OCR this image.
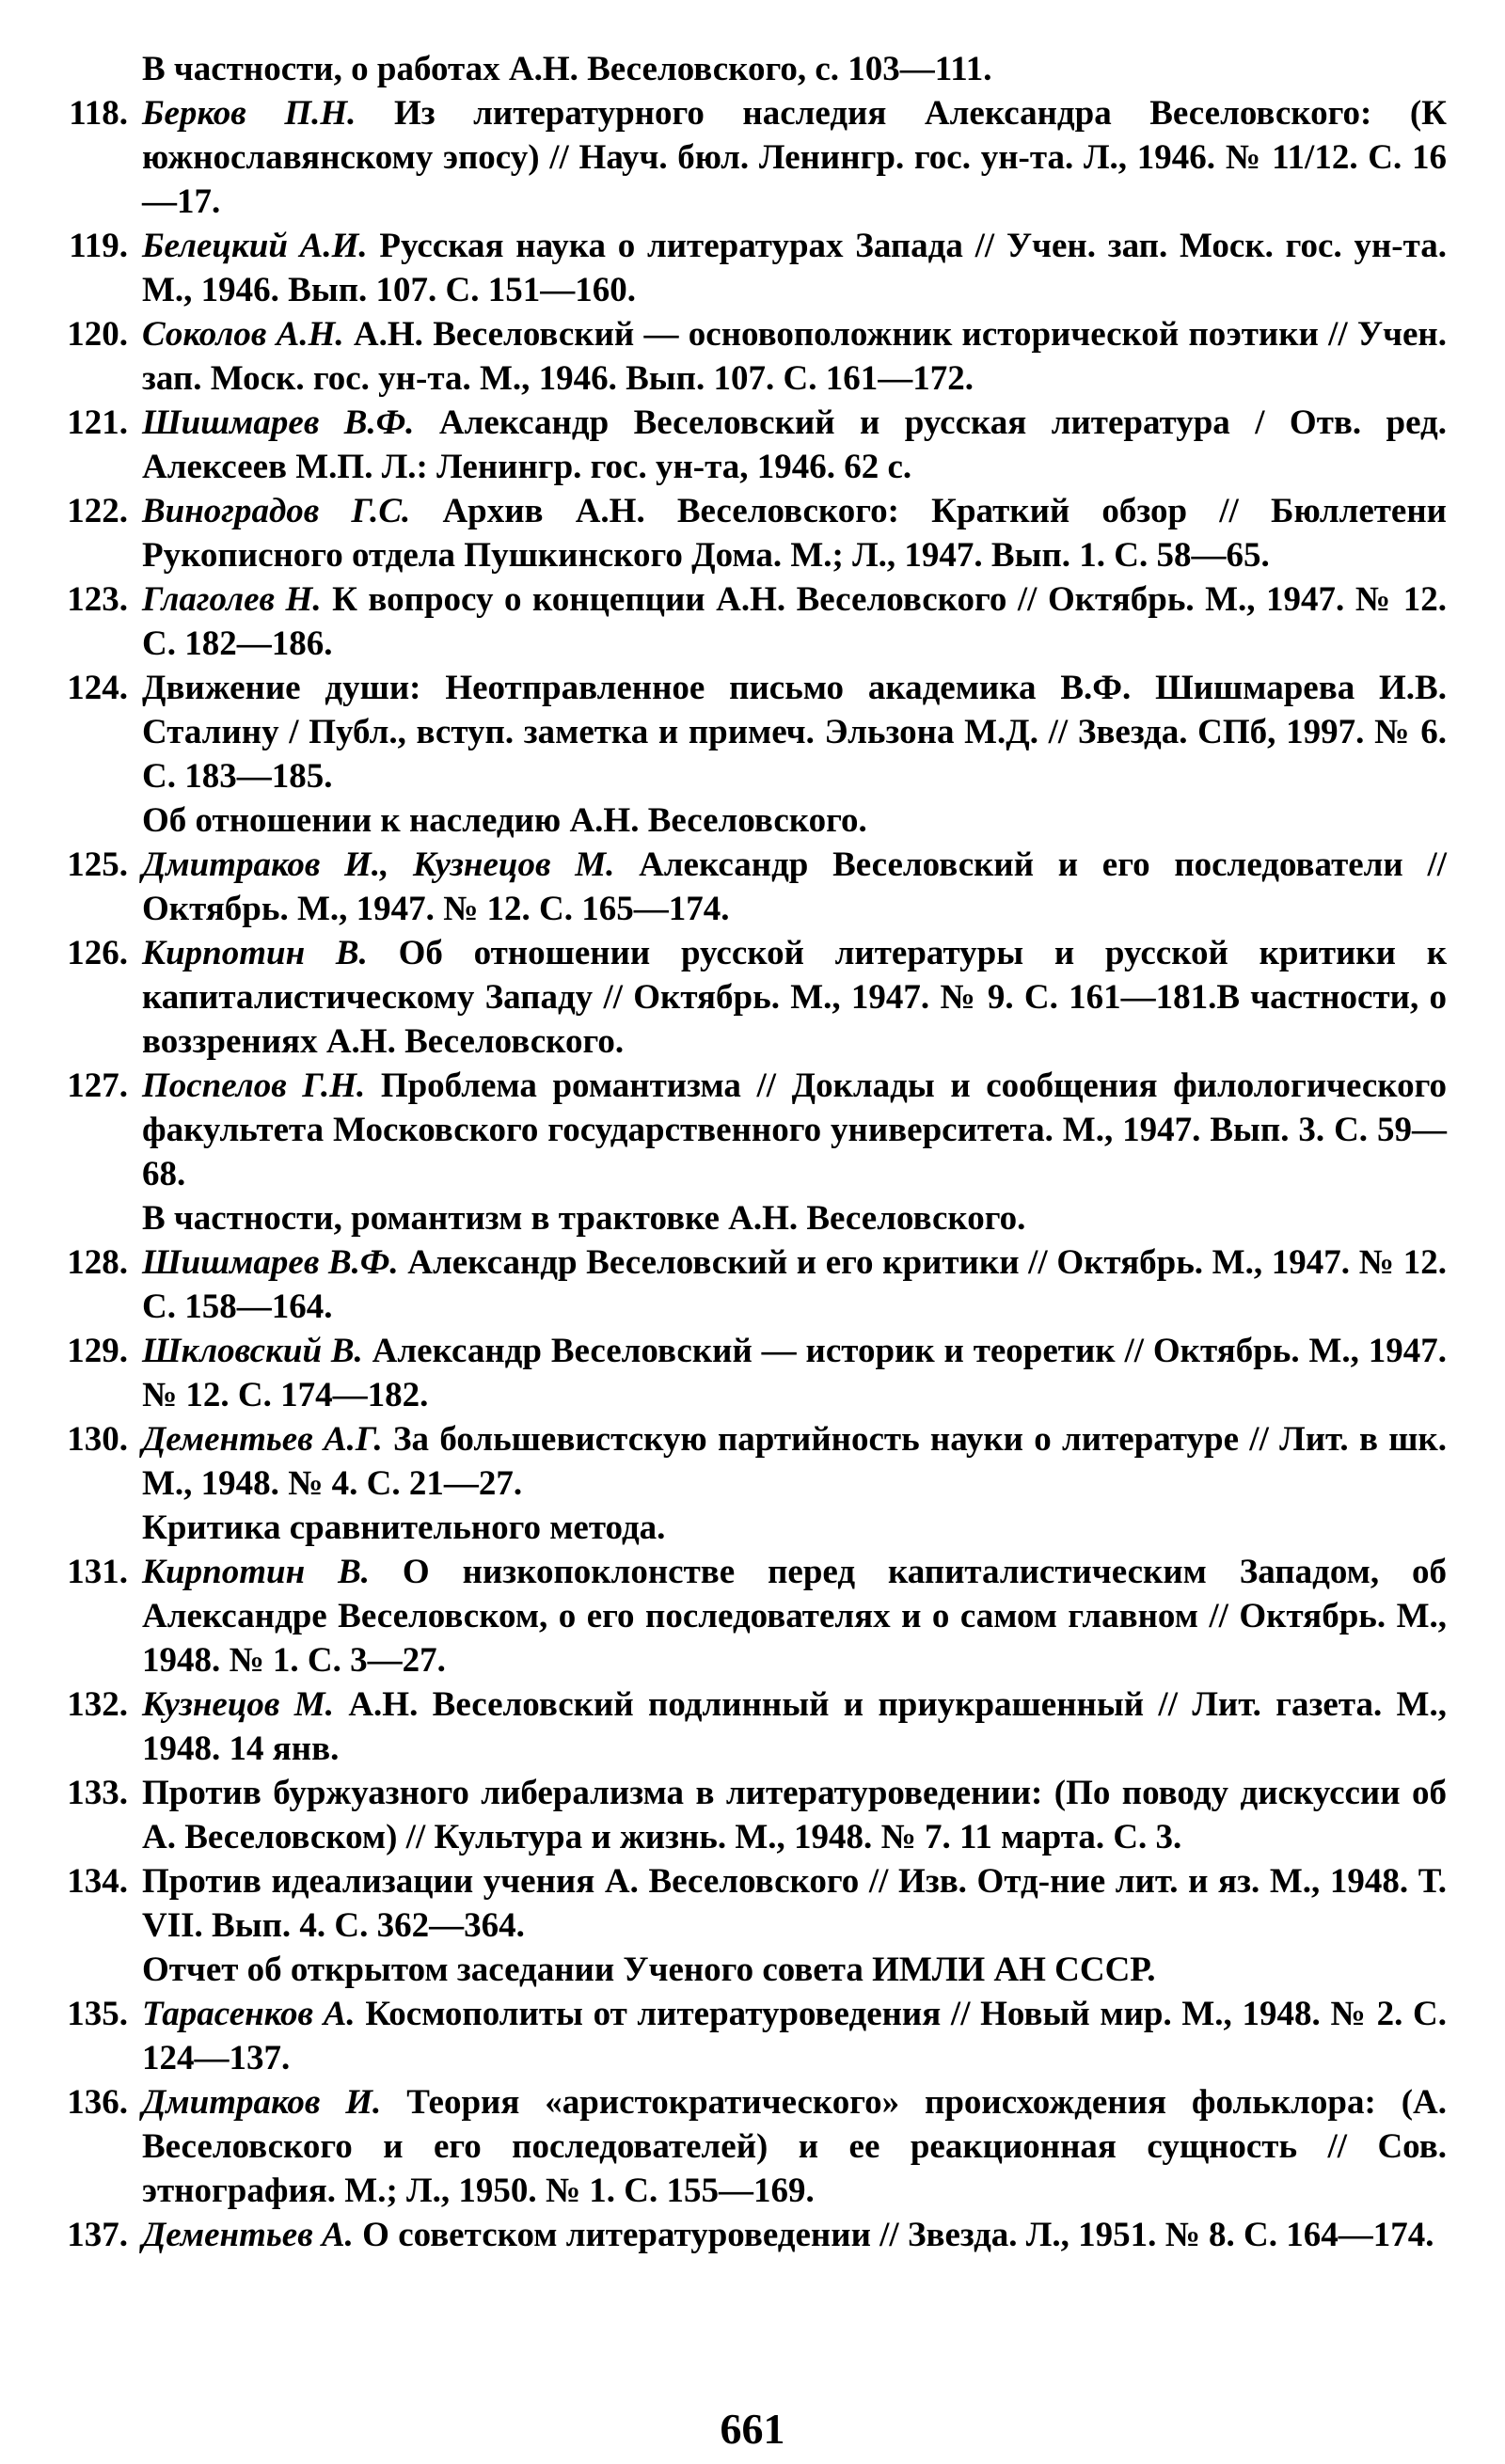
В частности, о работах А.Н. Веселовского, с. 103—111.
118. Берков П.Н. Из литературного наследия Александра Веселовского: (К южнославянскому эпосу) // Науч. бюл. Ленингр. гос. ун-та. Л., 1946. № 11/12. С. 16—17.
119. Белецкий А.И. Русская наука о литературах Запада // Учен. зап. Моск. гос. ун-та. М., 1946. Вып. 107. С. 151—160.
120. Соколов А.Н. А.Н. Веселовский — основоположник исторической поэтики // Учен. зап. Моск. гос. ун-та. М., 1946. Вып. 107. С. 161—172.
121. Шишмарев В.Ф. Александр Веселовский и русская литература / Отв. ред. Алексеев М.П. Л.: Ленингр. гос. ун-та, 1946. 62 с.
122. Виноградов Г.С. Архив А.Н. Веселовского: Краткий обзор // Бюллетени Рукописного отдела Пушкинского Дома. М.; Л., 1947. Вып. 1. С. 58—65.
123. Глаголев Н. К вопросу о концепции А.Н. Веселовского // Октябрь. М., 1947. № 12. С. 182—186.
124. Движение души: Неотправленное письмо академика В.Ф. Шишмарева И.В. Сталину / Публ., вступ. заметка и примеч. Эльзона М.Д. // Звезда. СПб, 1997. № 6. С. 183—185.
Об отношении к наследию А.Н. Веселовского.
125. Дмитраков И., Кузнецов М. Александр Веселовский и его последователи // Октябрь. М., 1947. № 12. С. 165—174.
126. Кирпотин В. Об отношении русской литературы и русской критики к капиталистическому Западу // Октябрь. М., 1947. № 9. С. 161—181.В частности, о воззрениях А.Н. Веселовского.
127. Поспелов Г.Н. Проблема романтизма // Доклады и сообщения филологического факультета Московского государственного университета. М., 1947. Вып. 3. С. 59—68.
В частности, романтизм в трактовке А.Н. Веселовского.
128. Шишмарев В.Ф. Александр Веселовский и его критики // Октябрь. М., 1947. № 12. С. 158—164.
129. Шкловский В. Александр Веселовский — историк и теоретик // Октябрь. М., 1947. № 12. С. 174—182.
130. Дементьев А.Г. За большевистскую партийность науки о литературе // Лит. в шк. М., 1948. № 4. С. 21—27.
Критика сравнительного метода.
131. Кирпотин В. О низкопоклонстве перед капиталистическим Западом, об Александре Веселовском, о его последователях и о самом главном // Октябрь. М., 1948. № 1. С. 3—27.
132. Кузнецов М. А.Н. Веселовский подлинный и приукрашенный // Лит. газета. М., 1948. 14 янв.
133. Против буржуазного либерализма в литературоведении: (По поводу дискуссии об А. Веселовском) // Культура и жизнь. М., 1948. № 7. 11 марта. С. 3.
134. Против идеализации учения А. Веселовского // Изв. Отд-ние лит. и яз. М., 1948. Т. VII. Вып. 4. С. 362—364.
Отчет об открытом заседании Ученого совета ИМЛИ АН СССР.
135. Тарасенков А. Космополиты от литературоведения // Новый мир. М., 1948. № 2. С. 124—137.
136. Дмитраков И. Теория «аристократического» происхождения фольклора: (А. Веселовского и его последователей) и ее реакционная сущность // Сов. этнография. М.; Л., 1950. № 1. С. 155—169.
137. Дементьев А. О советском литературоведении // Звезда. Л., 1951. № 8. С. 164—174.
661
